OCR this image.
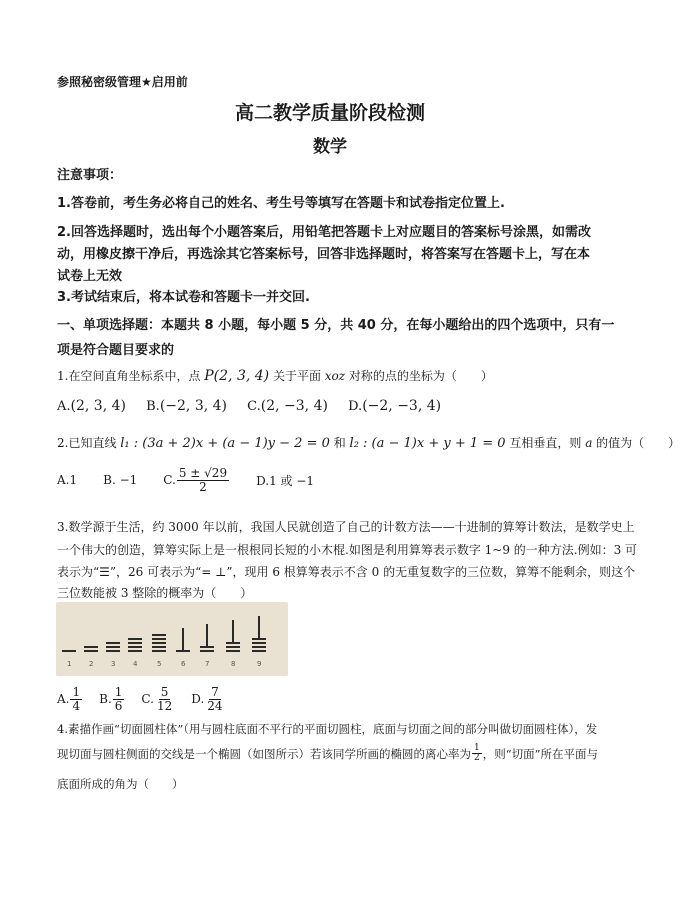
参照秘密级管理★启用前
高二教学质量阶段检测
数学
注意事项：
1.答卷前，考生务必将自己的姓名、考生号等填写在答题卡和试卷指定位置上.
2.回答选择题时，选出每个小题答案后，用铅笔把答题卡上对应题目的答案标号涂黑，如需改
动，用橡皮擦干净后，再选涂其它答案标号，回答非选择题时，将答案写在答题卡上，写在本
试卷上无效
3.考试结束后，将本试卷和答题卡一并交回.
一、单项选择题：本题共 8 小题，每小题 5 分，共 40 分，在每小题给出的四个选项中，只有一
项是符合题目要求的
1.在空间直角坐标系中，点 P(2, 3, 4) 关于平面 xoz 对称的点的坐标为（　　）
A.(2, 3, 4) B.(−2, 3, 4) C.(2, −3, 4) D.(−2, −3, 4)
2.已知直线 l₁ : (3a + 2)x + (a − 1)y − 2 = 0 和 l₂ : (a − 1)x + y + 1 = 0 互相垂直，则 a 的值为（　　）
A.1 B. −1 C. $\frac{5 \pm √29}{2} D.1$ 或 −1
3.数学源于生活，约 3000 年以前，我国人民就创造了自己的计数方法——十进制的算筹计数法，是数学史上
一个伟大的创造，算筹实际上是一根根同长短的小木棍.如图是利用算筹表示数字 1~9 的一种方法.例如：3 可
表示为“☰”，26 可表示为“= ⊥”，现用 6 根算筹表示不含 0 的无重复数字的三位数，算筹不能剩余，则这个
三位数能被 3 整除的概率为（　　）
1	2	3	4	5	6	7	8	9
A. $\frac{1}{4} B$. $\frac{1}{6} C$. $\frac{5}{12} D$. $\frac{7}{24}$
4.素描作画“切面圆柱体”（用与圆柱底面不平行的平面切圆柱，底面与切面之间的部分叫做切面圆柱体），发
现切面与圆柱侧面的交线是一个椭圆（如图所示）若该同学所画的椭圆的离心率为 $\frac{1}{2}$ ，则“切面”所在平面与
底面所成的角为（　　）
